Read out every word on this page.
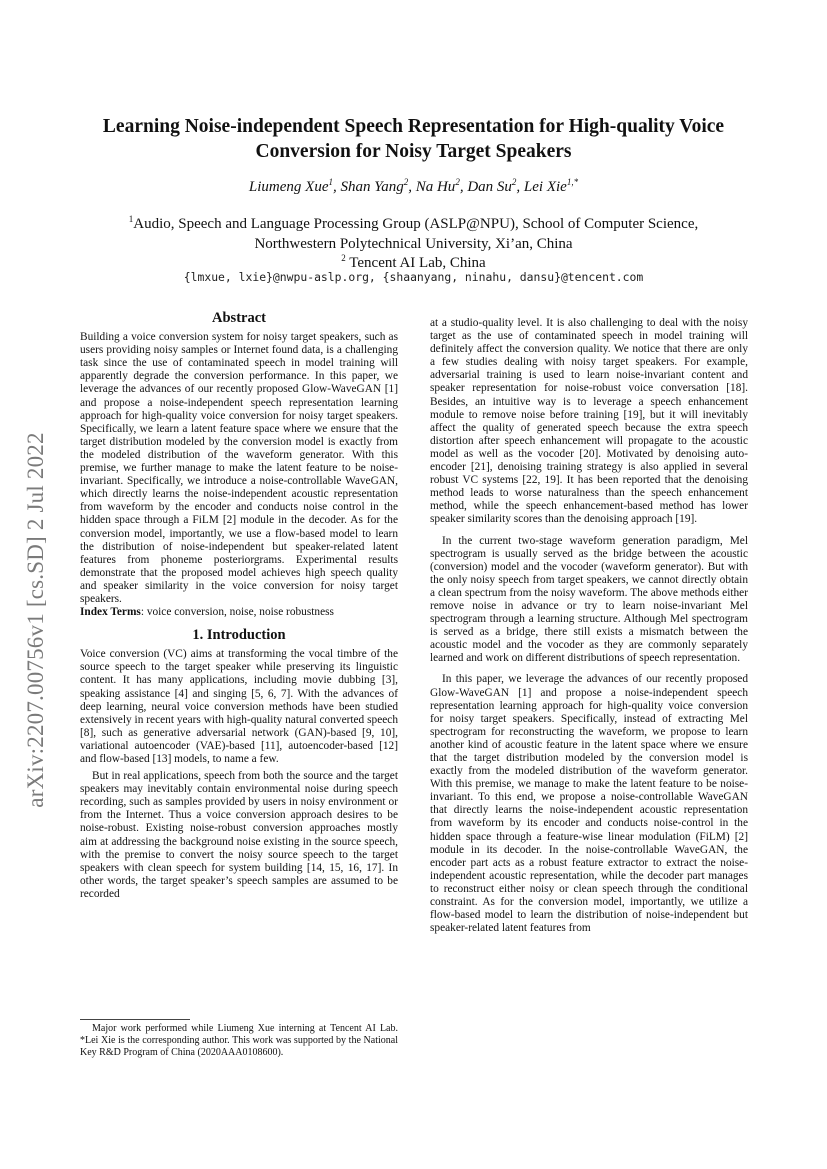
arXiv:2207.00756v1 [cs.SD] 2 Jul 2022
Learning Noise-independent Speech Representation for High-quality Voice
Conversion for Noisy Target Speakers
Liumeng Xue$^1$, Shan Yang$^2$, Na Hu$^2$, Dan Su$^2$, Lei Xie$^{1,*}$
$^1$Audio, Speech and Language Processing Group (ASLP@NPU), School of Computer Science,
Northwestern Polytechnical University, Xi’an, China
$^2$ Tencent AI Lab, China
{lmxue, lxie}@nwpu-aslp.org, {shaanyang, ninahu, dansu}@tencent.com
Abstract

Building a voice conversion system for noisy target speakers, such as users providing noisy samples or Internet found data, is a challenging task since the use of contaminated speech in model training will apparently degrade the conversion performance. In this paper, we leverage the advances of our recently proposed Glow-WaveGAN [1] and propose a noise-independent speech representation learning approach for high-quality voice conversion for noisy target speakers. Specifically, we learn a latent feature space where we ensure that the target distribution modeled by the conversion model is exactly from the modeled distribution of the waveform generator. With this premise, we further manage to make the latent feature to be noise-invariant. Specifically, we introduce a noise-controllable WaveGAN, which directly learns the noise-independent acoustic representation from waveform by the encoder and conducts noise control in the hidden space through a FiLM [2] module in the decoder. As for the conversion model, importantly, we use a flow-based model to learn the distribution of noise-independent but speaker-related latent features from phoneme posteriorgrams. Experimental results demonstrate that the proposed model achieves high speech quality and speaker similarity in the voice conversion for noisy target speakers.

Index Terms: voice conversion, noise, noise robustness

1. Introduction

Voice conversion (VC) aims at transforming the vocal timbre of the source speech to the target speaker while preserving its linguistic content. It has many applications, including movie dubbing [3], speaking assistance [4] and singing [5, 6, 7]. With the advances of deep learning, neural voice conversion methods have been studied extensively in recent years with high-quality natural converted speech [8], such as generative adversarial network (GAN)-based [9, 10], variational autoencoder (VAE)-based [11], autoencoder-based [12] and flow-based [13] models, to name a few.

But in real applications, speech from both the source and the target speakers may inevitably contain environmental noise during speech recording, such as samples provided by users in noisy environment or from the Internet. Thus a voice conversion approach desires to be noise-robust. Existing noise-robust conversion approaches mostly aim at addressing the background noise existing in the source speech, with the premise to convert the noisy source speech to the target speakers with clean speech for system building [14, 15, 16, 17]. In other words, the target speaker’s speech samples are assumed to be recorded

Major work performed while Liumeng Xue interning at Tencent AI Lab. *Lei Xie is the corresponding author. This work was supported by the National Key R&D Program of China (2020AAA0108600).

at a studio-quality level. It is also challenging to deal with the noisy target as the use of contaminated speech in model training will definitely affect the conversion quality. We notice that there are only a few studies dealing with noisy target speakers. For example, adversarial training is used to learn noise-invariant content and speaker representation for noise-robust voice conversation [18]. Besides, an intuitive way is to leverage a speech enhancement module to remove noise before training [19], but it will inevitably affect the quality of generated speech because the extra speech distortion after speech enhancement will propagate to the acoustic model as well as the vocoder [20]. Motivated by denoising auto-encoder [21], denoising training strategy is also applied in several robust VC systems [22, 19]. It has been reported that the denoising method leads to worse naturalness than the speech enhancement method, while the speech enhancement-based method has lower speaker similarity scores than the denoising approach [19].

In the current two-stage waveform generation paradigm, Mel spectrogram is usually served as the bridge between the acoustic (conversion) model and the vocoder (waveform generator). But with the only noisy speech from target speakers, we cannot directly obtain a clean spectrum from the noisy waveform. The above methods either remove noise in advance or try to learn noise-invariant Mel spectrogram through a learning structure. Although Mel spectrogram is served as a bridge, there still exists a mismatch between the acoustic model and the vocoder as they are commonly separately learned and work on different distributions of speech representation.

In this paper, we leverage the advances of our recently proposed Glow-WaveGAN [1] and propose a noise-independent speech representation learning approach for high-quality voice conversion for noisy target speakers. Specifically, instead of extracting Mel spectrogram for reconstructing the waveform, we propose to learn another kind of acoustic feature in the latent space where we ensure that the target distribution modeled by the conversion model is exactly from the modeled distribution of the waveform generator. With this premise, we manage to make the latent feature to be noise-invariant. To this end, we propose a noise-controllable WaveGAN that directly learns the noise-independent acoustic representation from waveform by its encoder and conducts noise-control in the hidden space through a feature-wise linear modulation (FiLM) [2] module in its decoder. In the noise-controllable WaveGAN, the encoder part acts as a robust feature extractor to extract the noise-independent acoustic representation, while the decoder part manages to reconstruct either noisy or clean speech through the conditional constraint. As for the conversion model, importantly, we utilize a flow-based model to learn the distribution of noise-independent but speaker-related latent features from
